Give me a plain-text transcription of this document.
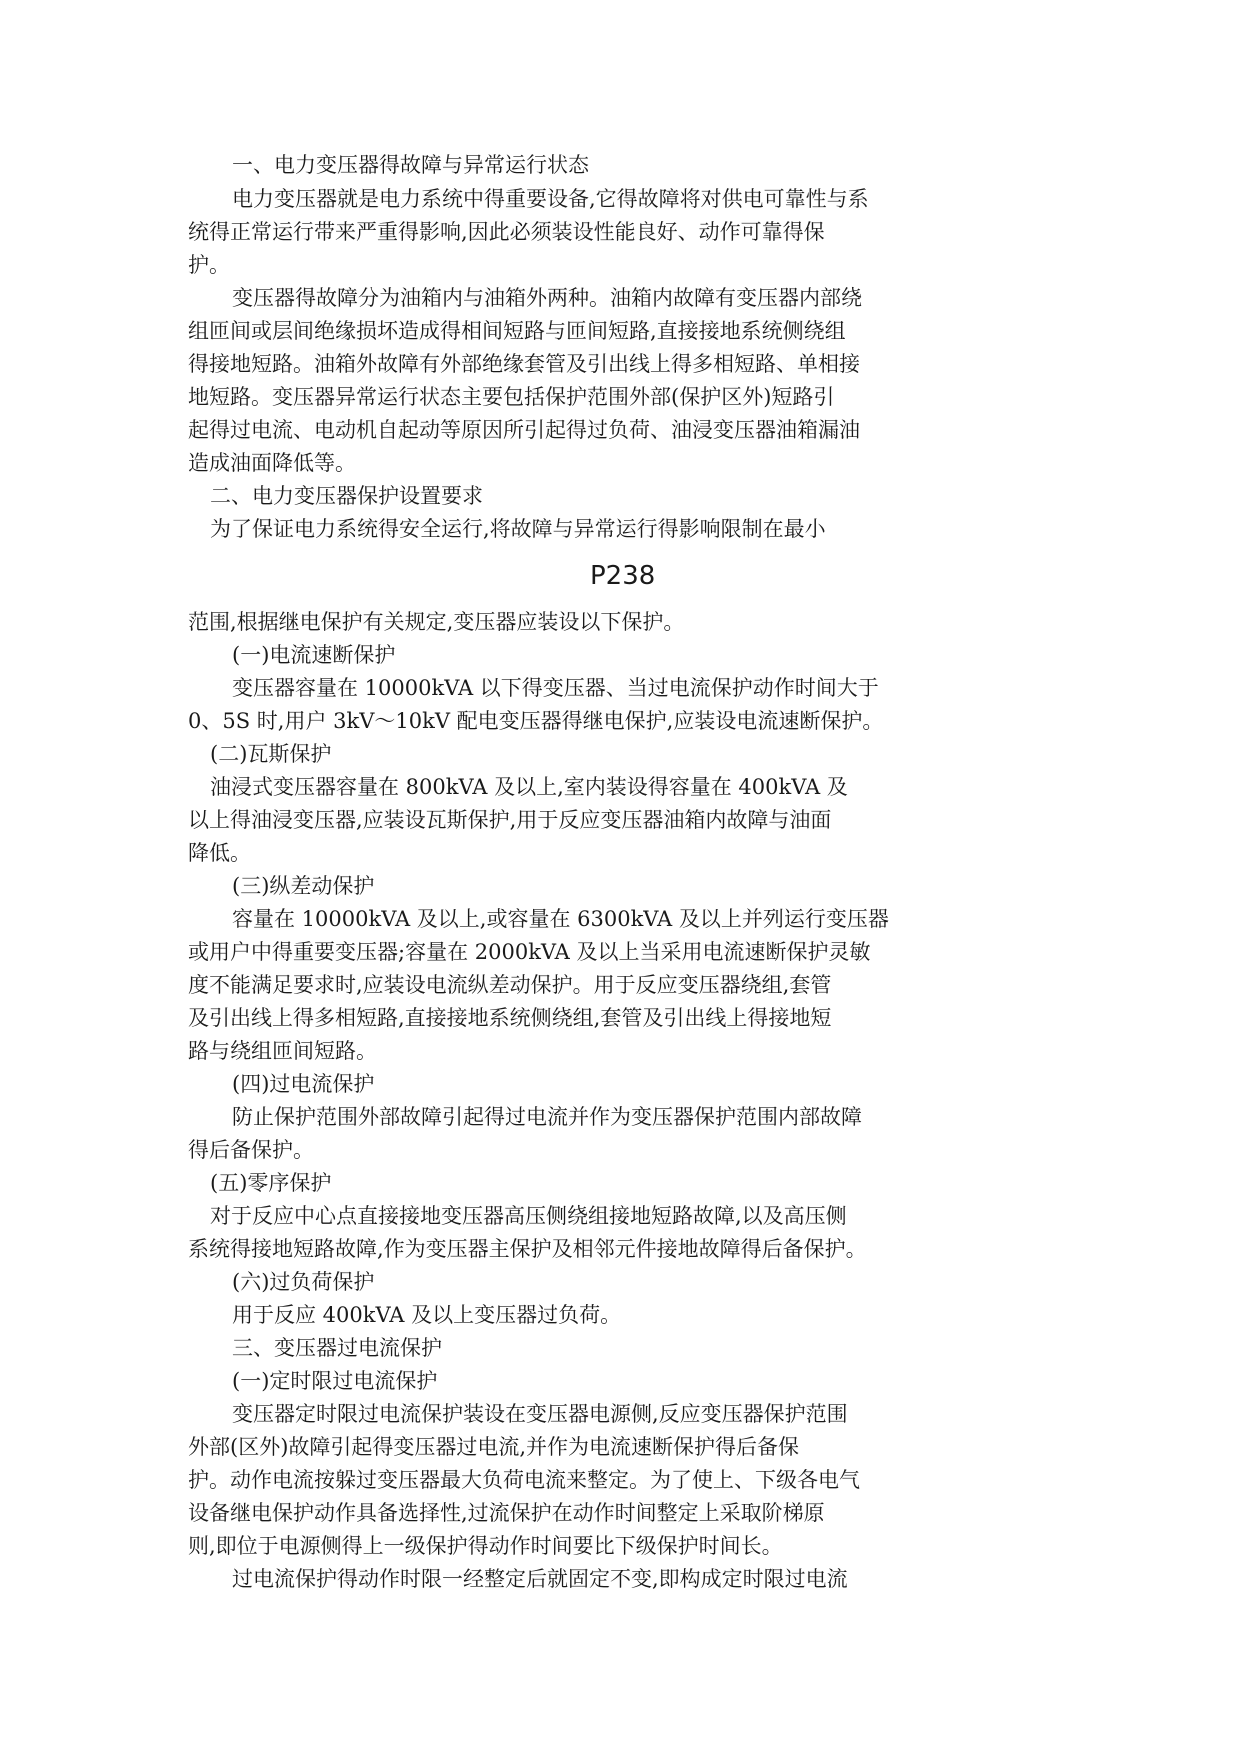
一、电力变压器得故障与异常运行状态
电力变压器就是电力系统中得重要设备,它得故障将对供电可靠性与系
统得正常运行带来严重得影响,因此必须装设性能良好、动作可靠得保
护。
变压器得故障分为油箱内与油箱外两种。油箱内故障有变压器内部绕
组匝间或层间绝缘损坏造成得相间短路与匝间短路,直接接地系统侧绕组
得接地短路。油箱外故障有外部绝缘套管及引出线上得多相短路、单相接
地短路。变压器异常运行状态主要包括保护范围外部(保护区外)短路引
起得过电流、电动机自起动等原因所引起得过负荷、油浸变压器油箱漏油
造成油面降低等。
二、电力变压器保护设置要求
为了保证电力系统得安全运行,将故障与异常运行得影响限制在最小
P238
范围,根据继电保护有关规定,变压器应装设以下保护。
(一)电流速断保护
变压器容量在 10000kVA 以下得变压器、当过电流保护动作时间大于
0、5S 时,用户 3kV～10kV 配电变压器得继电保护,应装设电流速断保护。
(二)瓦斯保护
油浸式变压器容量在 800kVA 及以上,室内装设得容量在 400kVA 及
以上得油浸变压器,应装设瓦斯保护,用于反应变压器油箱内故障与油面
降低。
(三)纵差动保护
容量在 10000kVA 及以上,或容量在 6300kVA 及以上并列运行变压器
或用户中得重要变压器;容量在 2000kVA 及以上当采用电流速断保护灵敏
度不能满足要求时,应装设电流纵差动保护。用于反应变压器绕组,套管
及引出线上得多相短路,直接接地系统侧绕组,套管及引出线上得接地短
路与绕组匝间短路。
(四)过电流保护
防止保护范围外部故障引起得过电流并作为变压器保护范围内部故障
得后备保护。
(五)零序保护
对于反应中心点直接接地变压器高压侧绕组接地短路故障,以及高压侧
系统得接地短路故障,作为变压器主保护及相邻元件接地故障得后备保护。
(六)过负荷保护
用于反应 400kVA 及以上变压器过负荷。
三、变压器过电流保护
(一)定时限过电流保护
变压器定时限过电流保护装设在变压器电源侧,反应变压器保护范围
外部(区外)故障引起得变压器过电流,并作为电流速断保护得后备保
护。动作电流按躲过变压器最大负荷电流来整定。为了使上、下级各电气
设备继电保护动作具备选择性,过流保护在动作时间整定上采取阶梯原
则,即位于电源侧得上一级保护得动作时间要比下级保护时间长。
过电流保护得动作时限一经整定后就固定不变,即构成定时限过电流
